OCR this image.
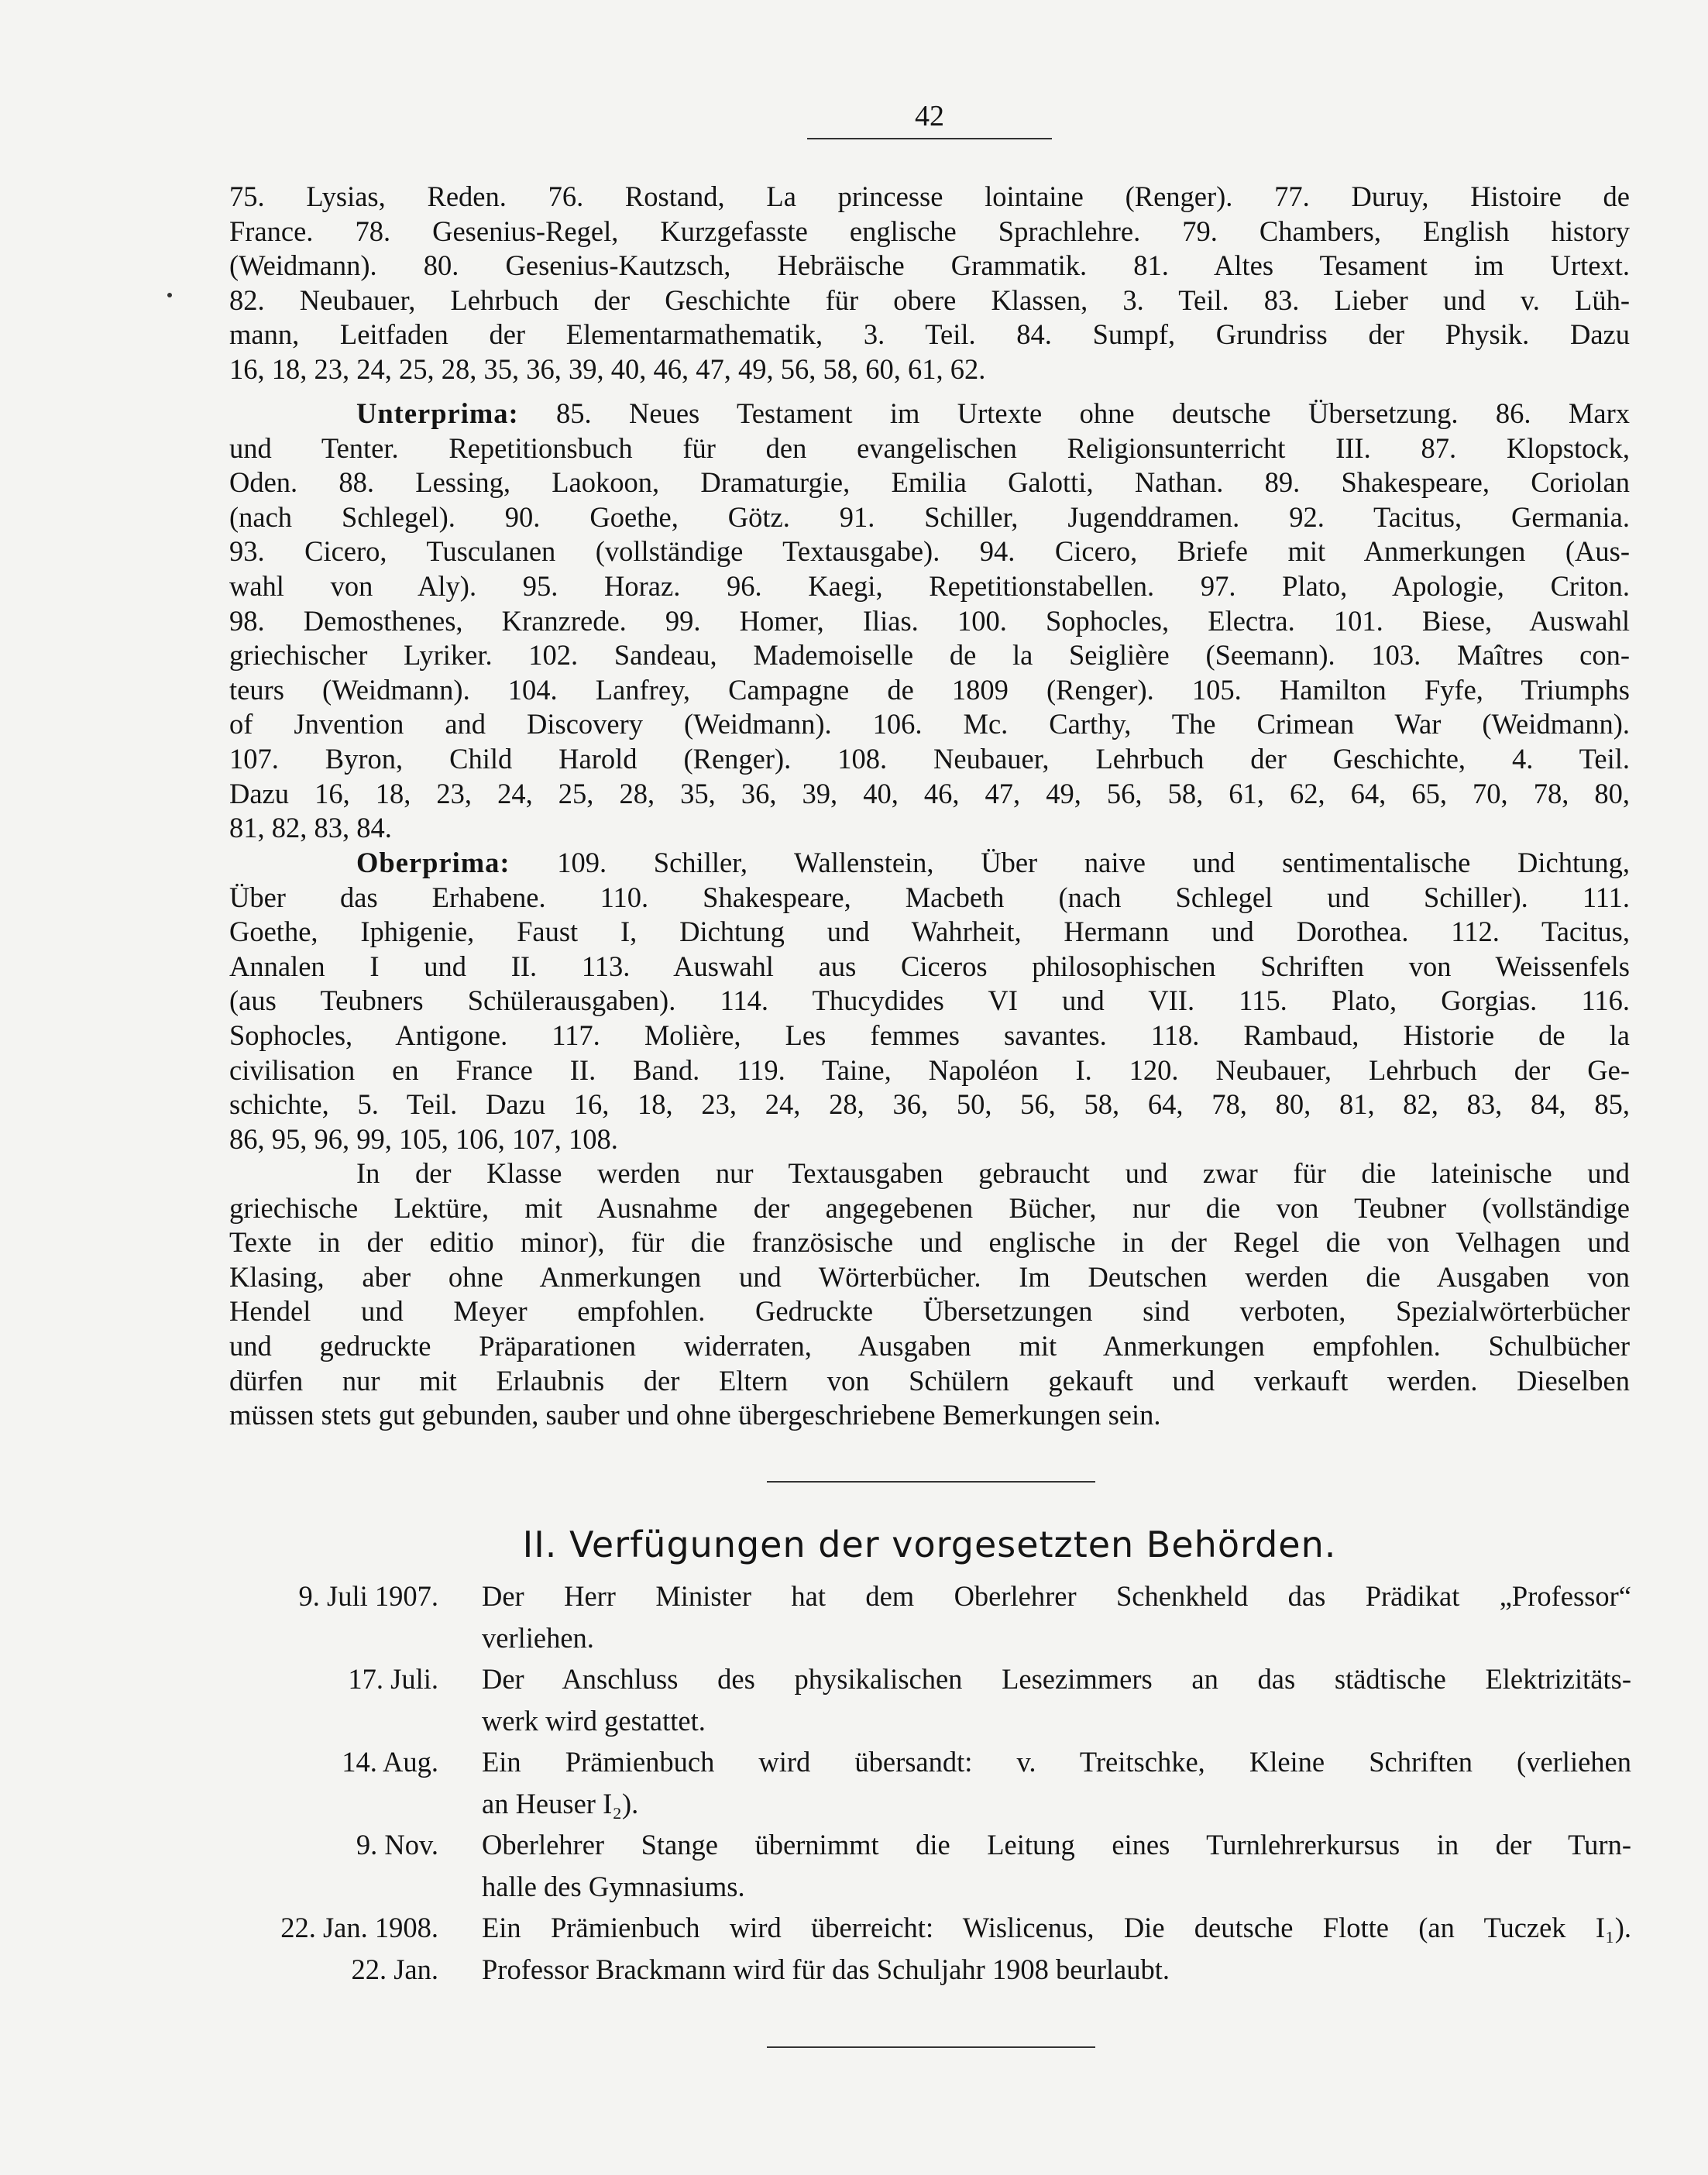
42
75. Lysias, Reden. 76. Rostand, La princesse lointaine (Renger). 77. Duruy, Histoire de
France. 78. Gesenius-Regel, Kurzgefasste englische Sprachlehre. 79. Chambers, English history
(Weidmann). 80. Gesenius-Kautzsch, Hebräische Grammatik. 81. Altes Tesament im Urtext.
82. Neubauer, Lehrbuch der Geschichte für obere Klassen, 3. Teil. 83. Lieber und v. Lüh-
mann, Leitfaden der Elementarmathematik, 3. Teil. 84. Sumpf, Grundriss der Physik. Dazu
16, 18, 23, 24, 25, 28, 35, 36, 39, 40, 46, 47, 49, 56, 58, 60, 61, 62.
Unterprima: 85. Neues Testament im Urtexte ohne deutsche Übersetzung. 86. Marx
und Tenter. Repetitionsbuch für den evangelischen Religionsunterricht III. 87. Klopstock,
Oden. 88. Lessing, Laokoon, Dramaturgie, Emilia Galotti, Nathan. 89. Shakespeare, Coriolan
(nach Schlegel). 90. Goethe, Götz. 91. Schiller, Jugenddramen. 92. Tacitus, Germania.
93. Cicero, Tusculanen (vollständige Textausgabe). 94. Cicero, Briefe mit Anmerkungen (Aus-
wahl von Aly). 95. Horaz. 96. Kaegi, Repetitionstabellen. 97. Plato, Apologie, Criton.
98. Demosthenes, Kranzrede. 99. Homer, Ilias. 100. Sophocles, Electra. 101. Biese, Auswahl
griechischer Lyriker. 102. Sandeau, Mademoiselle de la Seiglière (Seemann). 103. Maîtres con-
teurs (Weidmann). 104. Lanfrey, Campagne de 1809 (Renger). 105. Hamilton Fyfe, Triumphs
of Jnvention and Discovery (Weidmann). 106. Mc. Carthy, The Crimean War (Weidmann).
107. Byron, Child Harold (Renger). 108. Neubauer, Lehrbuch der Geschichte, 4. Teil.
Dazu 16, 18, 23, 24, 25, 28, 35, 36, 39, 40, 46, 47, 49, 56, 58, 61, 62, 64, 65, 70, 78, 80,
81, 82, 83, 84.
Oberprima: 109. Schiller, Wallenstein, Über naive und sentimentalische Dichtung,
Über das Erhabene. 110. Shakespeare, Macbeth (nach Schlegel und Schiller). 111.
Goethe, Iphigenie, Faust I, Dichtung und Wahrheit, Hermann und Dorothea. 112. Tacitus,
Annalen I und II. 113. Auswahl aus Ciceros philosophischen Schriften von Weissenfels
(aus Teubners Schülerausgaben). 114. Thucydides VI und VII. 115. Plato, Gorgias. 116.
Sophocles, Antigone. 117. Molière, Les femmes savantes. 118. Rambaud, Historie de la
civilisation en France II. Band. 119. Taine, Napoléon I. 120. Neubauer, Lehrbuch der Ge-
schichte, 5. Teil. Dazu 16, 18, 23, 24, 28, 36, 50, 56, 58, 64, 78, 80, 81, 82, 83, 84, 85,
86, 95, 96, 99, 105, 106, 107, 108.
In der Klasse werden nur Textausgaben gebraucht und zwar für die lateinische und
griechische Lektüre, mit Ausnahme der angegebenen Bücher, nur die von Teubner (vollständige
Texte in der editio minor), für die französische und englische in der Regel die von Velhagen und
Klasing, aber ohne Anmerkungen und Wörterbücher. Im Deutschen werden die Ausgaben von
Hendel und Meyer empfohlen. Gedruckte Übersetzungen sind verboten, Spezialwörterbücher
und gedruckte Präparationen widerraten, Ausgaben mit Anmerkungen empfohlen. Schulbücher
dürfen nur mit Erlaubnis der Eltern von Schülern gekauft und verkauft werden. Dieselben
müssen stets gut gebunden, sauber und ohne übergeschriebene Bemerkungen sein.
II. Verfügungen der vorgesetzten Behörden.
9. Juli 1907. Der Herr Minister hat dem Oberlehrer Schenkheld das Prädikat „Professor“
verliehen.
17. Juli. Der Anschluss des physikalischen Lesezimmers an das städtische Elektrizitäts-
werk wird gestattet.
14. Aug. Ein Prämienbuch wird übersandt: v. Treitschke, Kleine Schriften (verliehen
an Heuser I₂).
9. Nov. Oberlehrer Stange übernimmt die Leitung eines Turnlehrerkursus in der Turn-
halle des Gymnasiums.
22. Jan. 1908. Ein Prämienbuch wird überreicht: Wislicenus, Die deutsche Flotte (an Tuczek I₁).
22. Jan. Professor Brackmann wird für das Schuljahr 1908 beurlaubt.
